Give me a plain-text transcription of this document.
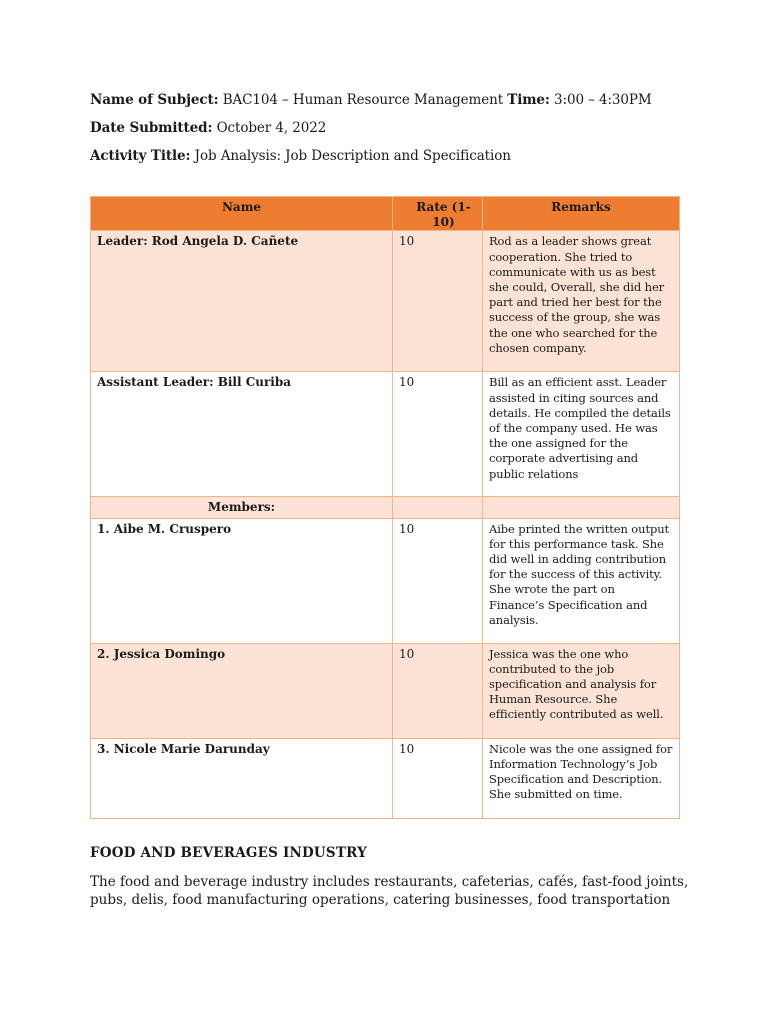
Name of Subject: BAC104 – Human Resource Management Time: 3:00 – 4:30PM
Date Submitted: October 4, 2022
Activity Title: Job Analysis: Job Description and Specification
Name	Rate (1-10)	Remarks
Leader: Rod Angela D. Cañete	10	Rod as a leader shows great cooperation. She tried to communicate with us as best she could, Overall, she did her part and tried her best for the success of the group, she was the one who searched for the chosen company.
Assistant Leader: Bill Curiba	10	Bill as an efficient asst. Leader assisted in citing sources and details. He compiled the details of the company used. He was the one assigned for the corporate advertising and public relations
Members:		
1. Aibe M. Cruspero	10	Aibe printed the written output for this performance task. She did well in adding contribution for the success of this activity. She wrote the part on Finance’s Specification and analysis.
2. Jessica Domingo	10	Jessica was the one who contributed to the job specification and analysis for Human Resource. She efficiently contributed as well.
3. Nicole Marie Darunday	10	Nicole was the one assigned for Information Technology’s Job Specification and Description. She submitted on time.
FOOD AND BEVERAGES INDUSTRY
The food and beverage industry includes restaurants, cafeterias, cafés, fast-food joints, pubs, delis, food manufacturing operations, catering businesses, food transportation
